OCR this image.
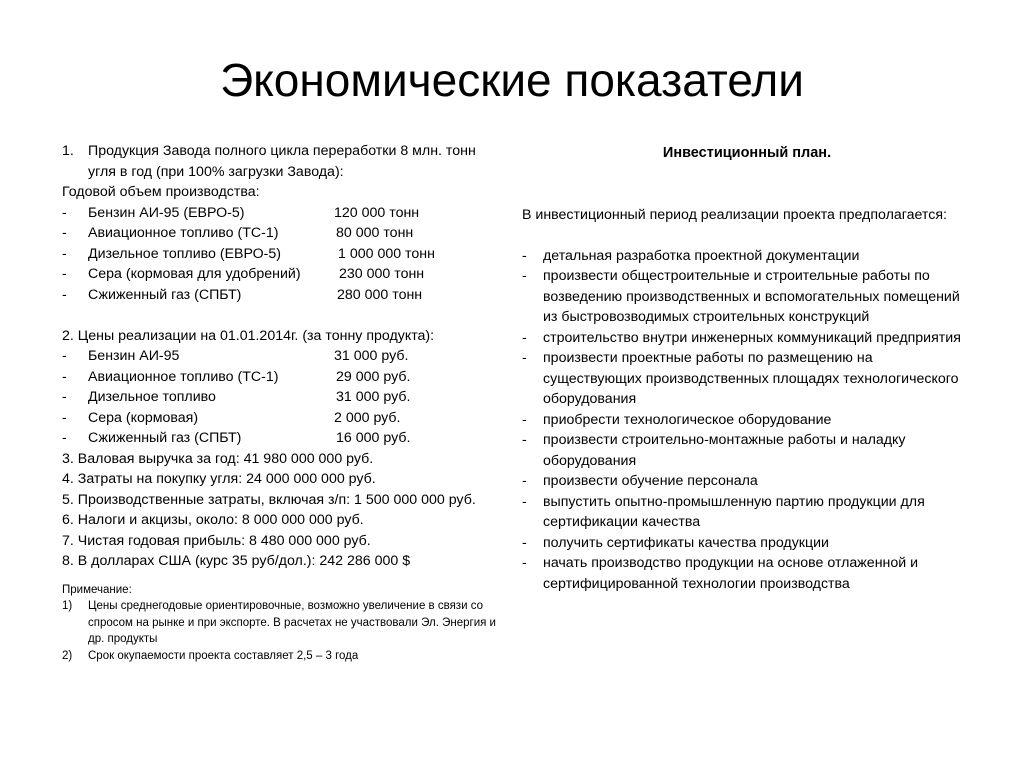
Экономические показатели
1. Продукция Завода полного цикла переработки 8 млн. тонн угля в год (при 100% загрузки Завода):
Годовой объем производства:
- Бензин АИ-95 (ЕВРО-5)	120 000 тонн
- Авиационное топливо (ТС-1)	80 000 тонн
- Дизельное топливо (ЕВРО-5)	1 000 000 тонн
- Сера (кормовая для удобрений)	230 000 тонн
- Сжиженный газ (СПБТ)	280 000 тонн
2. Цены реализации на 01.01.2014г. (за тонну продукта):
- Бензин АИ-95	31 000 руб.
- Авиационное топливо (ТС-1)	29 000 руб.
- Дизельное топливо	31 000 руб.
- Сера (кормовая)	2 000 руб.
- Сжиженный газ (СПБТ)	16 000 руб.
3. Валовая выручка за год: 41 980 000 000 руб.
4. Затраты на покупку угля: 24 000 000 000 руб.
5. Производственные затраты, включая з/п: 1 500 000 000 руб.
6. Налоги и акцизы, около: 8 000 000 000 руб.
7. Чистая годовая прибыль: 8 480 000 000 руб.
8. В долларах США (курс 35 руб/дол.): 242 286 000 $
Примечание:
1) Цены среднегодовые ориентировочные, возможно увеличение в связи со спросом на рынке и при экспорте. В расчетах не участвовали Эл. Энергия и др. продукты
2) Срок окупаемости проекта составляет 2,5 – 3 года
Инвестиционный план.
В инвестиционный период реализации проекта предполагается:
- детальная разработка проектной документации
- произвести общестроительные и строительные работы по возведению производственных и вспомогательных помещений из быстровозводимых строительных конструкций
- строительство внутри инженерных коммуникаций предприятия
- произвести проектные работы по размещению на существующих производственных площадях технологического оборудования
- приобрести технологическое оборудование
- произвести строительно-монтажные работы и наладку оборудования
- произвести обучение персонала
- выпустить опытно-промышленную партию продукции для сертификации качества
- получить сертификаты качества продукции
- начать производство продукции на основе отлаженной и сертифицированной технологии производства
